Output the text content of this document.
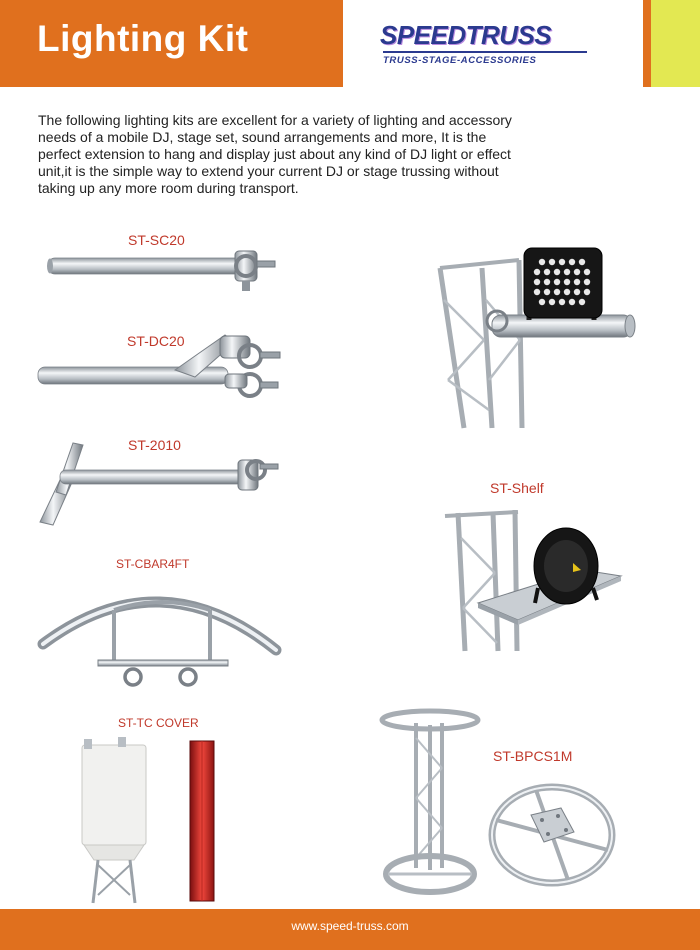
Lighting Kit	SPEEDTRUSS
TRUSS-STAGE-ACCESSORIES
The following lighting kits are excellent for a variety of lighting and accessory
needs of a mobile DJ, stage set, sound arrangements and more, It is the
perfect extension to hang and display just about any kind of DJ light or effect
unit,it is the simple way to extend your current DJ or stage trussing without
taking up any more room during transport.
ST-SC20
ST-DC20
ST-2010
ST-CBAR4FT
ST-TC COVER
ST-Shelf
ST-BPCS1M
www.speed-truss.com
